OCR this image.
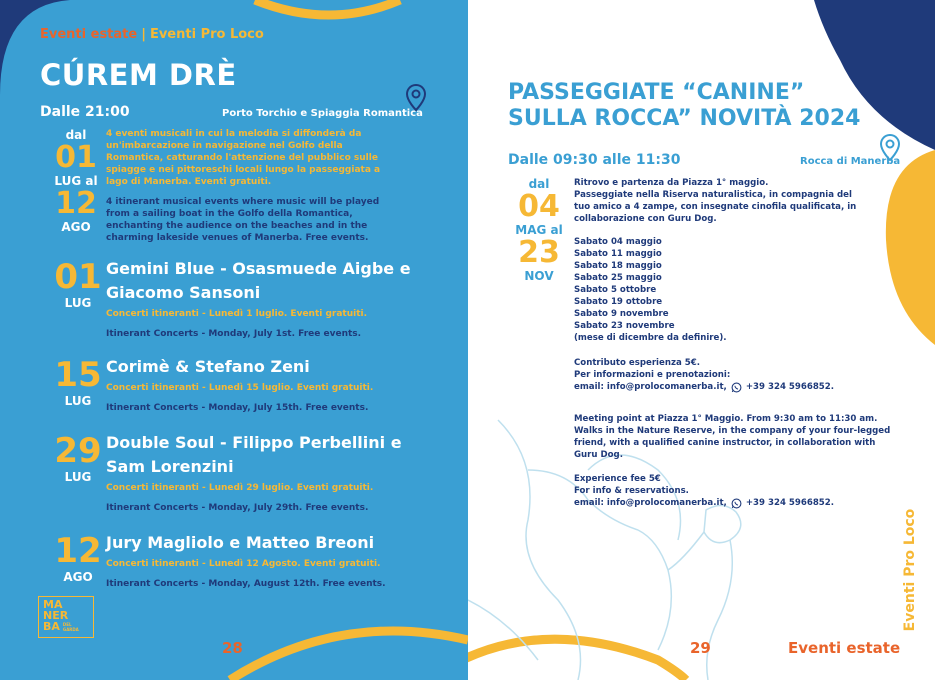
Eventi estate | Eventi Pro Loco
CÚREM DRÈ
Dalle 21:00	Porto Torchio e Spiaggia Romantica
dal
01
LUG al
12
AGO
4 eventi musicali in cui la melodia si diffonderà da un'imbarcazione in navigazione nel Golfo della Romantica, catturando l'attenzione del pubblico sulle spiagge e nei pittoreschi locali lungo la passeggiata a lago di Manerba. Eventi gratuiti.
4 itinerant musical events where music will be played from a sailing boat in the Golfo della Romantica, enchanting the audience on the beaches and in the charming lakeside venues of Manerba. Free events.
01
LUG
Gemini Blue - Osasmuede Aigbe e
Giacomo Sansoni
Concerti itineranti - Lunedì 1 luglio. Eventi gratuiti.
Itinerant Concerts - Monday, July 1st. Free events.
15
LUG
Corimè & Stefano Zeni
Concerti itineranti - Lunedì 15 luglio. Eventi gratuiti.
Itinerant Concerts - Monday, July 15th. Free events.
29
LUG
Double Soul - Filippo Perbellini e
Sam Lorenzini
Concerti itineranti - Lunedì 29 luglio. Eventi gratuiti.
Itinerant Concerts - Monday, July 29th. Free events.
12
AGO
Jury Magliolo e Matteo Breoni
Concerti itineranti - Lunedì 12 Agosto. Eventi gratuiti.
Itinerant Concerts - Monday, August 12th. Free events.
MA
NER
BA DEL GARDA
28
PASSEGGIATE “CANINE”
SULLA ROCCA” NOVITÀ 2024
Dalle 09:30 alle 11:30	Rocca di Manerba
dal
04
MAG al
23
NOV
Ritrovo e partenza da Piazza 1° maggio.
Passeggiate nella Riserva naturalistica, in compagnia del
tuo amico a 4 zampe, con insegnate cinofila qualificata, in
collaborazione con Guru Dog.
Sabato 04 maggio
Sabato 11 maggio
Sabato 18 maggio
Sabato 25 maggio
Sabato 5 ottobre
Sabato 19 ottobre
Sabato 9 novembre
Sabato 23 novembre
(mese di dicembre da definire).
Contributo esperienza 5€.
Per informazioni e prenotazioni:
email: info@prolocomanerba.it, +39 324 5966852.
Meeting point at Piazza 1° Maggio. From 9:30 am to 11:30 am.
Walks in the Nature Reserve, in the company of your four-legged
friend, with a qualified canine instructor, in collaboration with
Guru Dog.
Experience fee 5€
For info & reservations.
email: info@prolocomanerba.it, +39 324 5966852.
Eventi Pro Loco
29	Eventi estate
